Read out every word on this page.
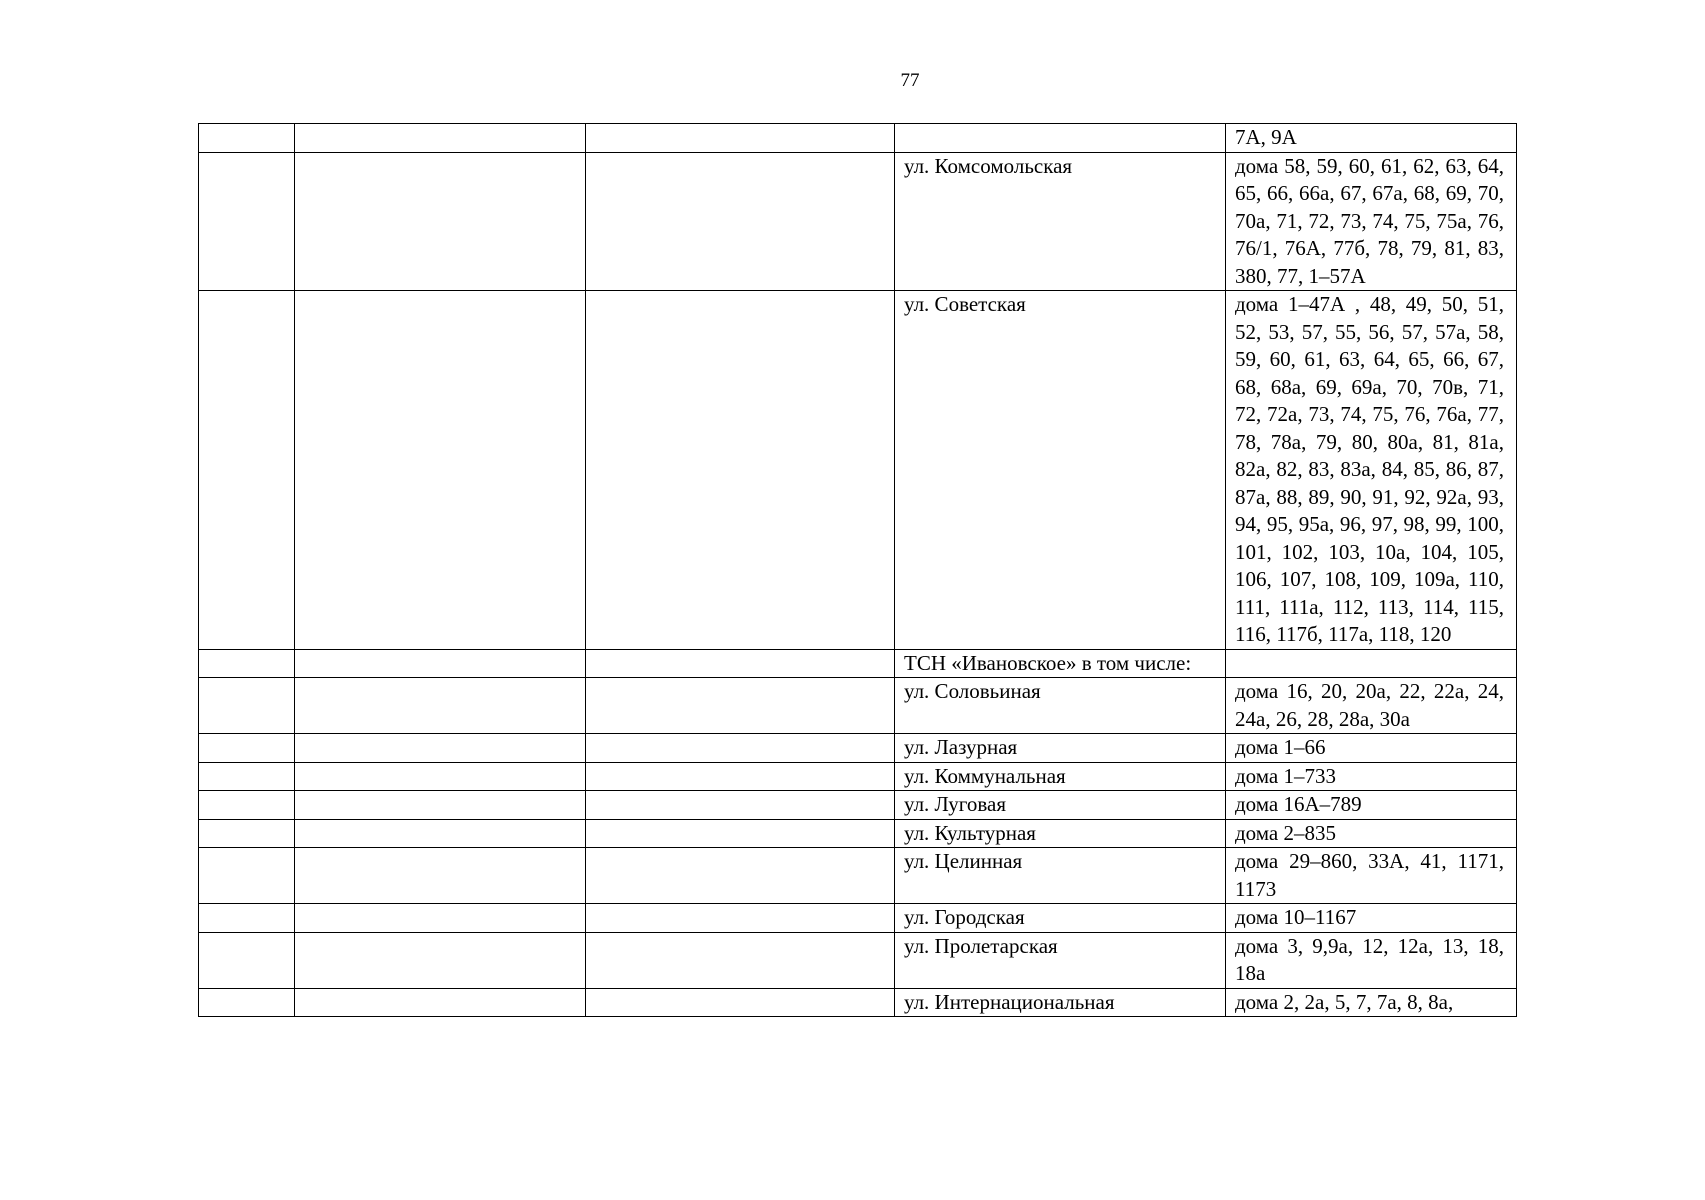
77
				7А, 9А
			ул. Комсомольская	дома 58, 59, 60, 61, 62, 63, 64, 65, 66, 66а, 67, 67а, 68, 69, 70, 70а, 71, 72, 73, 74, 75, 75а, 76, 76/1, 76А, 77б, 78, 79, 81, 83, 380, 77, 1–57А
			ул. Советская	дома 1–47А , 48, 49, 50, 51, 52, 53, 57, 55, 56, 57, 57а, 58, 59, 60, 61, 63, 64, 65, 66, 67, 68, 68а, 69, 69а, 70, 70в, 71, 72, 72а, 73, 74, 75, 76, 76а, 77, 78, 78а, 79, 80, 80а, 81, 81а, 82а, 82, 83, 83а, 84, 85, 86, 87, 87а, 88, 89, 90, 91, 92, 92а, 93, 94, 95, 95а, 96, 97, 98, 99, 100, 101, 102, 103, 10а, 104, 105, 106, 107, 108, 109, 109а, 110, 111, 111а, 112, 113, 114, 115, 116, 117б, 117а, 118, 120
			ТСН «Ивановское» в том числе:	
			ул. Соловьиная	дома 16, 20, 20а, 22, 22а, 24, 24а, 26, 28, 28а, 30а
			ул. Лазурная	дома 1–66
			ул. Коммунальная	дома 1–733
			ул. Луговая	дома 16А–789
			ул. Культурная	дома 2–835
			ул. Целинная	дома 29–860, 33А, 41, 1171, 1173
			ул. Городская	дома 10–1167
			ул. Пролетарская	дома 3, 9,9а, 12, 12а, 13, 18, 18а
			ул. Интернациональная	дома 2, 2а, 5, 7, 7а, 8, 8а,
